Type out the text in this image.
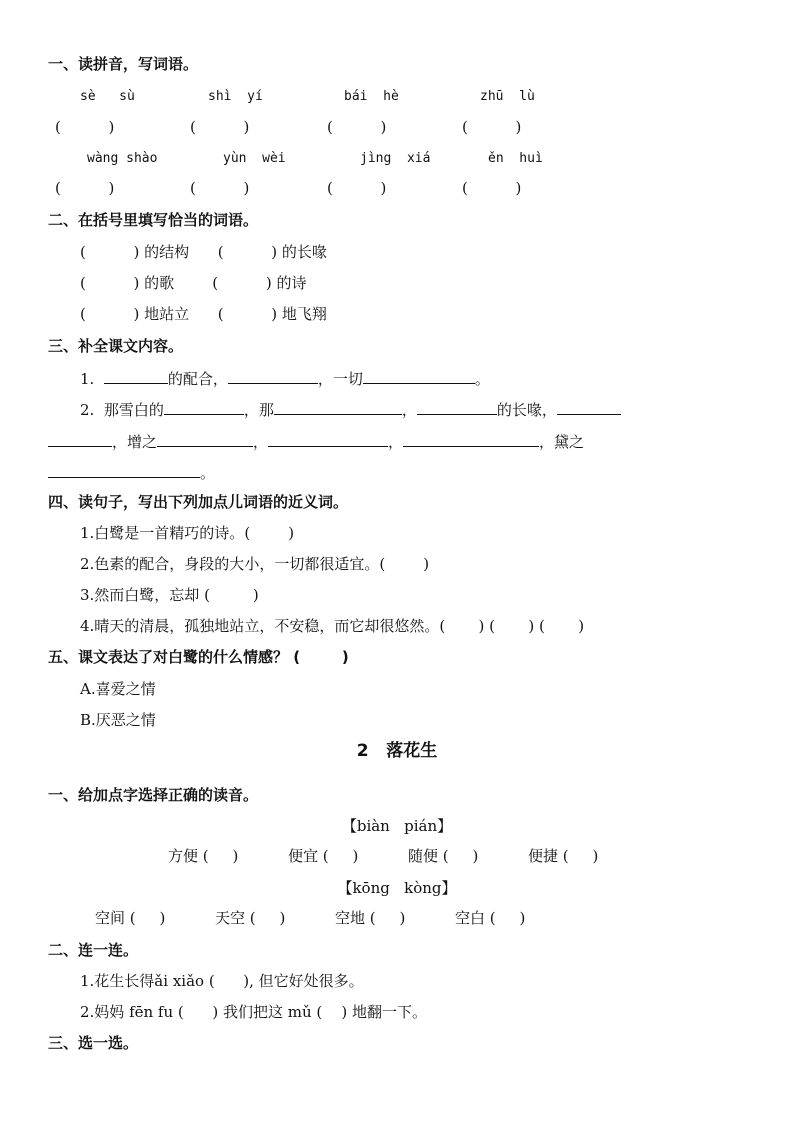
一、读拼音，写词语。
sè   sù	shì  yí	bái  hè	zhū  lù
(          )	(          )	(          )	(          )
wàng shào	yùn  wèi	jìng  xiá	ěn  huì
(          )	(          )	(          )	(          )
二、在括号里填写恰当的词语。
(          ) 的结构      (          ) 的长喙
(          ) 的歌        (          ) 的诗
(          ) 地站立      (          ) 地飞翔
三、补全课文内容。
1.	的配合，	，一切	。
2.  那雪白的	，那	，	的长喙，
，增之	，	，	，黛之
。
四、读句子，写出下列加点儿词语的近义词。
1.白鹭是一首精巧的诗。(        )
2.色素的配合，身段的大小，一切都很适宜。(        )
3.然而白鹭，忘却 (         )
4.晴天的清晨，孤独地站立，不安稳，而它却很悠然。(       ) (       ) (       )
五、课文表达了对白鹭的什么情感？ (        )
A.喜爱之情
B.厌恶之情
2   落花生
一、给加点字选择正确的读音。
【biàn   pián】
方便 (     )	便宜 (     )	随便 (     )	便捷 (     )
【kōng   kòng】
空间 (     )	天空 (     )	空地 (     )	空白 (     )
二、连一连。
1.花生长得ǎi xiǎo (      ), 但它好处很多。
2.妈妈 fēn fu (      ) 我们把这 mǔ (    ) 地翻一下。
三、选一选。
